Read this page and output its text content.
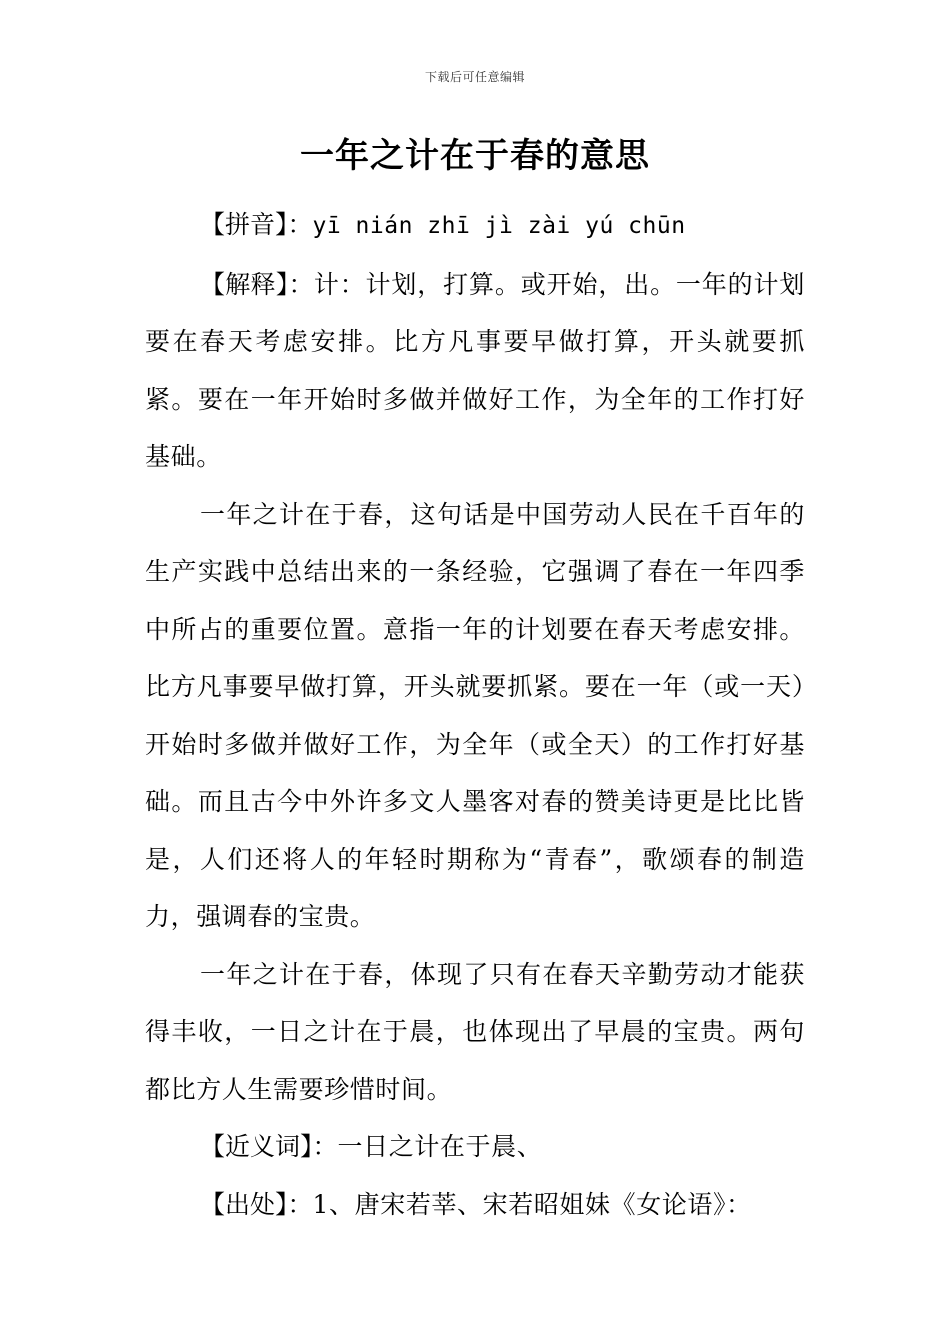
下载后可任意编辑
一年之计在于春的意思

【拼音】：yī nián zhī jì zài yú chūn

【解释】：计：计划，打算。或开始，出。一年的计划要在春天考虑安排。比方凡事要早做打算，开头就要抓紧。要在一年开始时多做并做好工作，为全年的工作打好基础。

一年之计在于春，这句话是中国劳动人民在千百年的生产实践中总结出来的一条经验，它强调了春在一年四季中所占的重要位置。意指一年的计划要在春天考虑安排。比方凡事要早做打算，开头就要抓紧。要在一年（或一天）开始时多做并做好工作，为全年（或全天）的工作打好基础。而且古今中外许多文人墨客对春的赞美诗更是比比皆是，人们还将人的年轻时期称为“青春”，歌颂春的制造力，强调春的宝贵。

一年之计在于春，体现了只有在春天辛勤劳动才能获得丰收，一日之计在于晨，也体现出了早晨的宝贵。两句都比方人生需要珍惜时间。

【近义词】：一日之计在于晨、

【出处】：1、唐宋若莘、宋若昭姐妹《女论语》：
